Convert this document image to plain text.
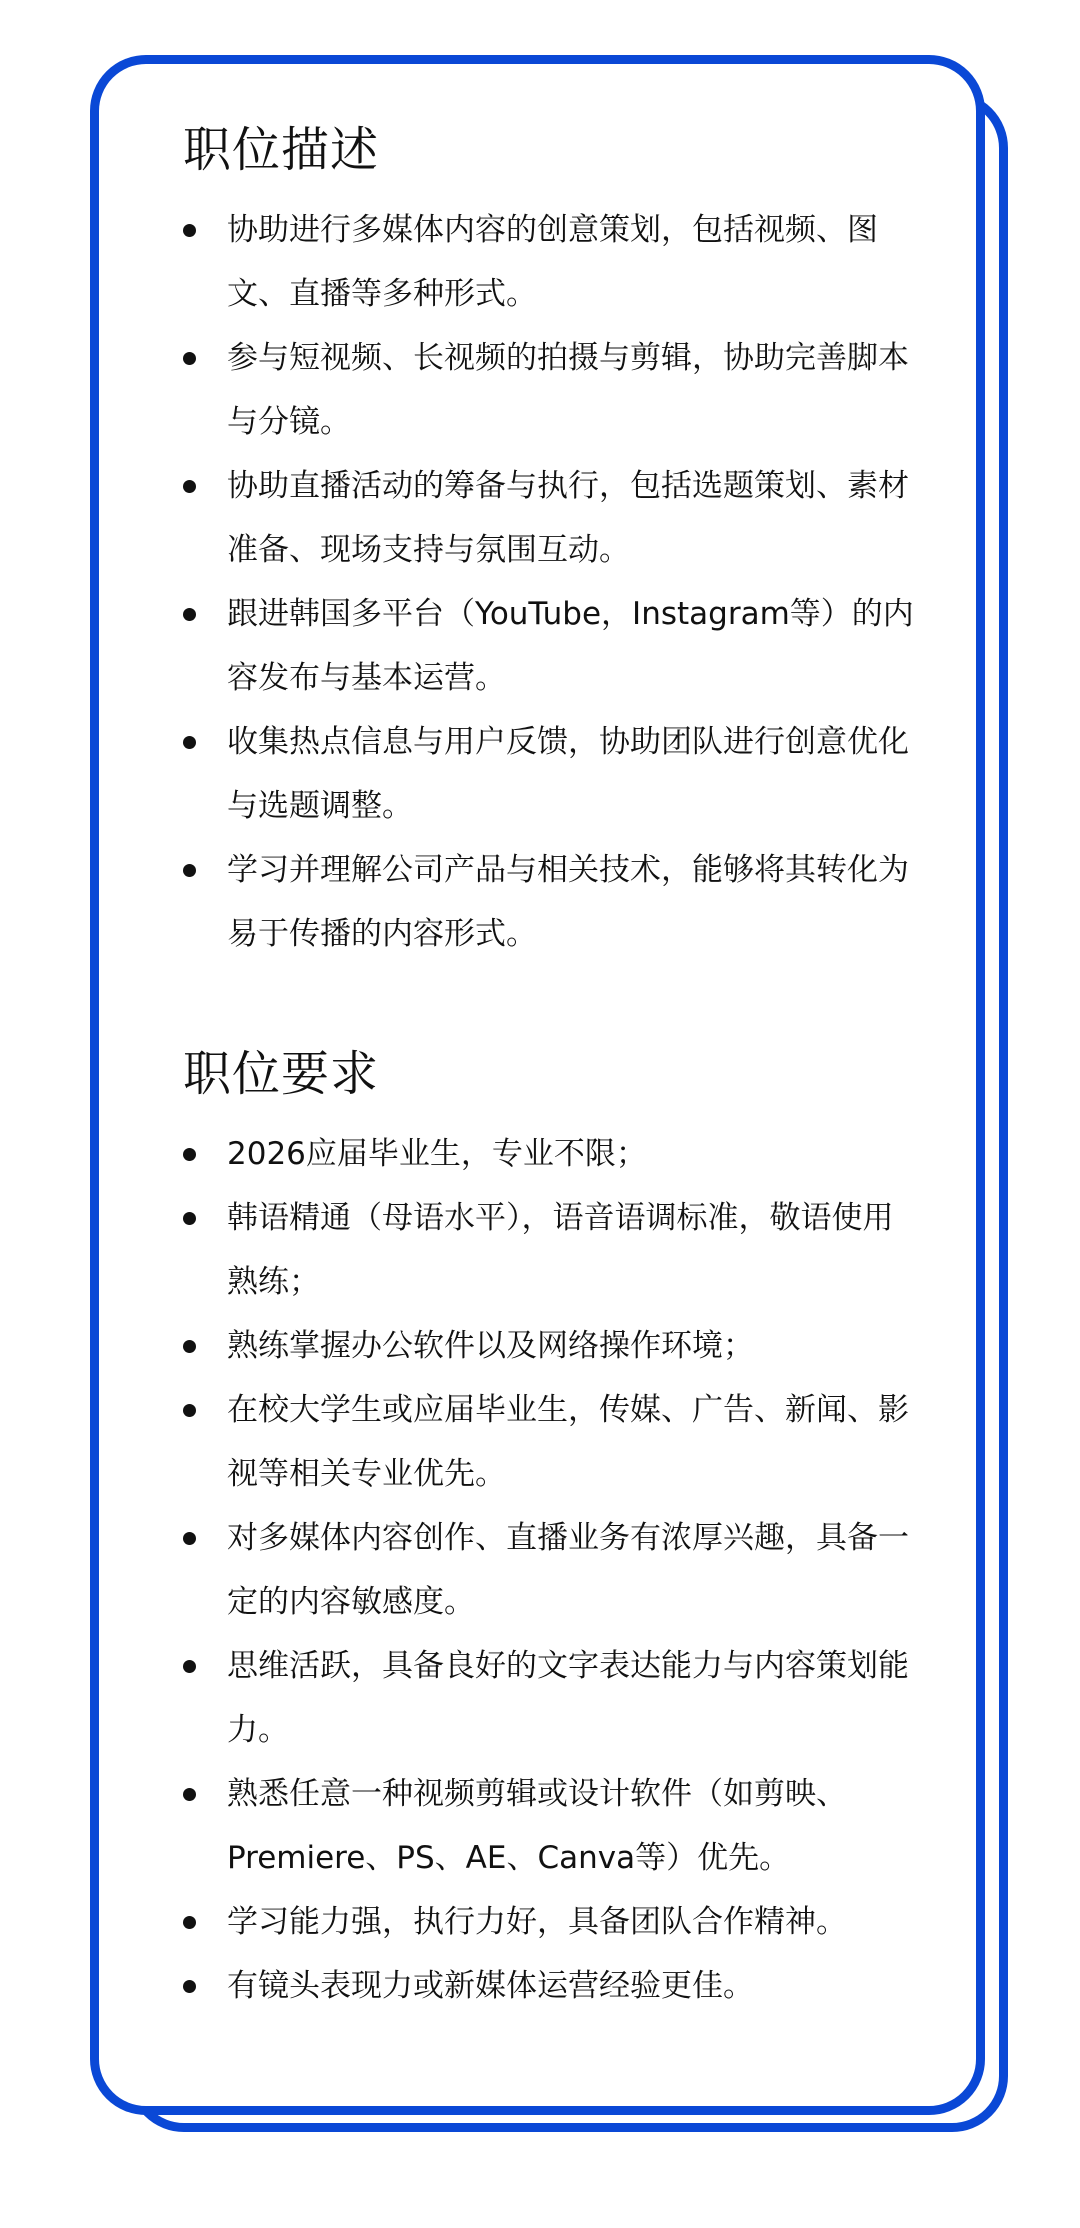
职位描述
协助进行多媒体内容的创意策划，包括视频、图文、直播等多种形式。
参与短视频、长视频的拍摄与剪辑，协助完善脚本与分镜。
协助直播活动的筹备与执行，包括选题策划、素材准备、现场支持与氛围互动。
跟进韩国多平台（YouTube，Instagram等）的内容发布与基本运营。
收集热点信息与用户反馈，协助团队进行创意优化与选题调整。
学习并理解公司产品与相关技术，能够将其转化为易于传播的内容形式。
职位要求
2026应届毕业生，专业不限；
韩语精通（母语水平），语音语调标准，敬语使用熟练；
熟练掌握办公软件以及网络操作环境；
在校大学生或应届毕业生，传媒、广告、新闻、影视等相关专业优先。
对多媒体内容创作、直播业务有浓厚兴趣，具备一定的内容敏感度。
思维活跃，具备良好的文字表达能力与内容策划能力。
熟悉任意一种视频剪辑或设计软件（如剪映、Premiere、PS、AE、Canva等）优先。
学习能力强，执行力好，具备团队合作精神。
有镜头表现力或新媒体运营经验更佳。
